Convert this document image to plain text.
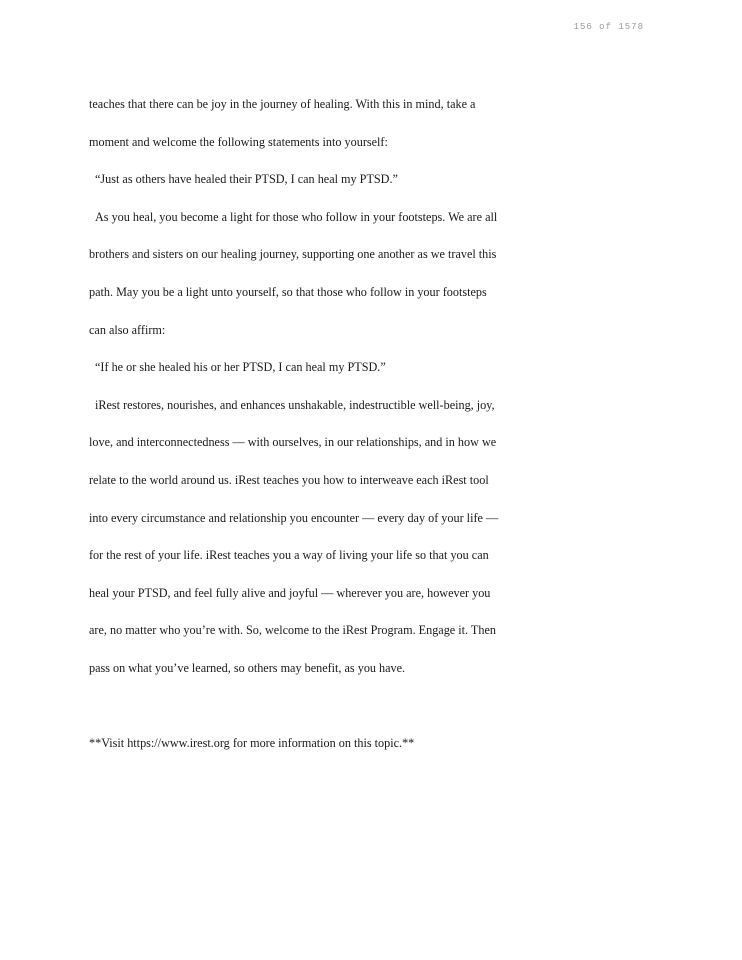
156 of 1578
teaches that there can be joy in the journey of healing. With this in mind, take a
moment and welcome the following statements into yourself:
“Just as others have healed their PTSD, I can heal my PTSD.”
As you heal, you become a light for those who follow in your footsteps. We are all
brothers and sisters on our healing journey, supporting one another as we travel this
path. May you be a light unto yourself, so that those who follow in your footsteps
can also affirm:
“If he or she healed his or her PTSD, I can heal my PTSD.”
iRest restores, nourishes, and enhances unshakable, indestructible well-being, joy,
love, and interconnectedness — with ourselves, in our relationships, and in how we
relate to the world around us. iRest teaches you how to interweave each iRest tool
into every circumstance and relationship you encounter — every day of your life —
for the rest of your life. iRest teaches you a way of living your life so that you can
heal your PTSD, and feel fully alive and joyful — wherever you are, however you
are, no matter who you’re with. So, welcome to the iRest Program. Engage it. Then
pass on what you’ve learned, so others may benefit, as you have.
**Visit https://www.irest.org for more information on this topic.**
